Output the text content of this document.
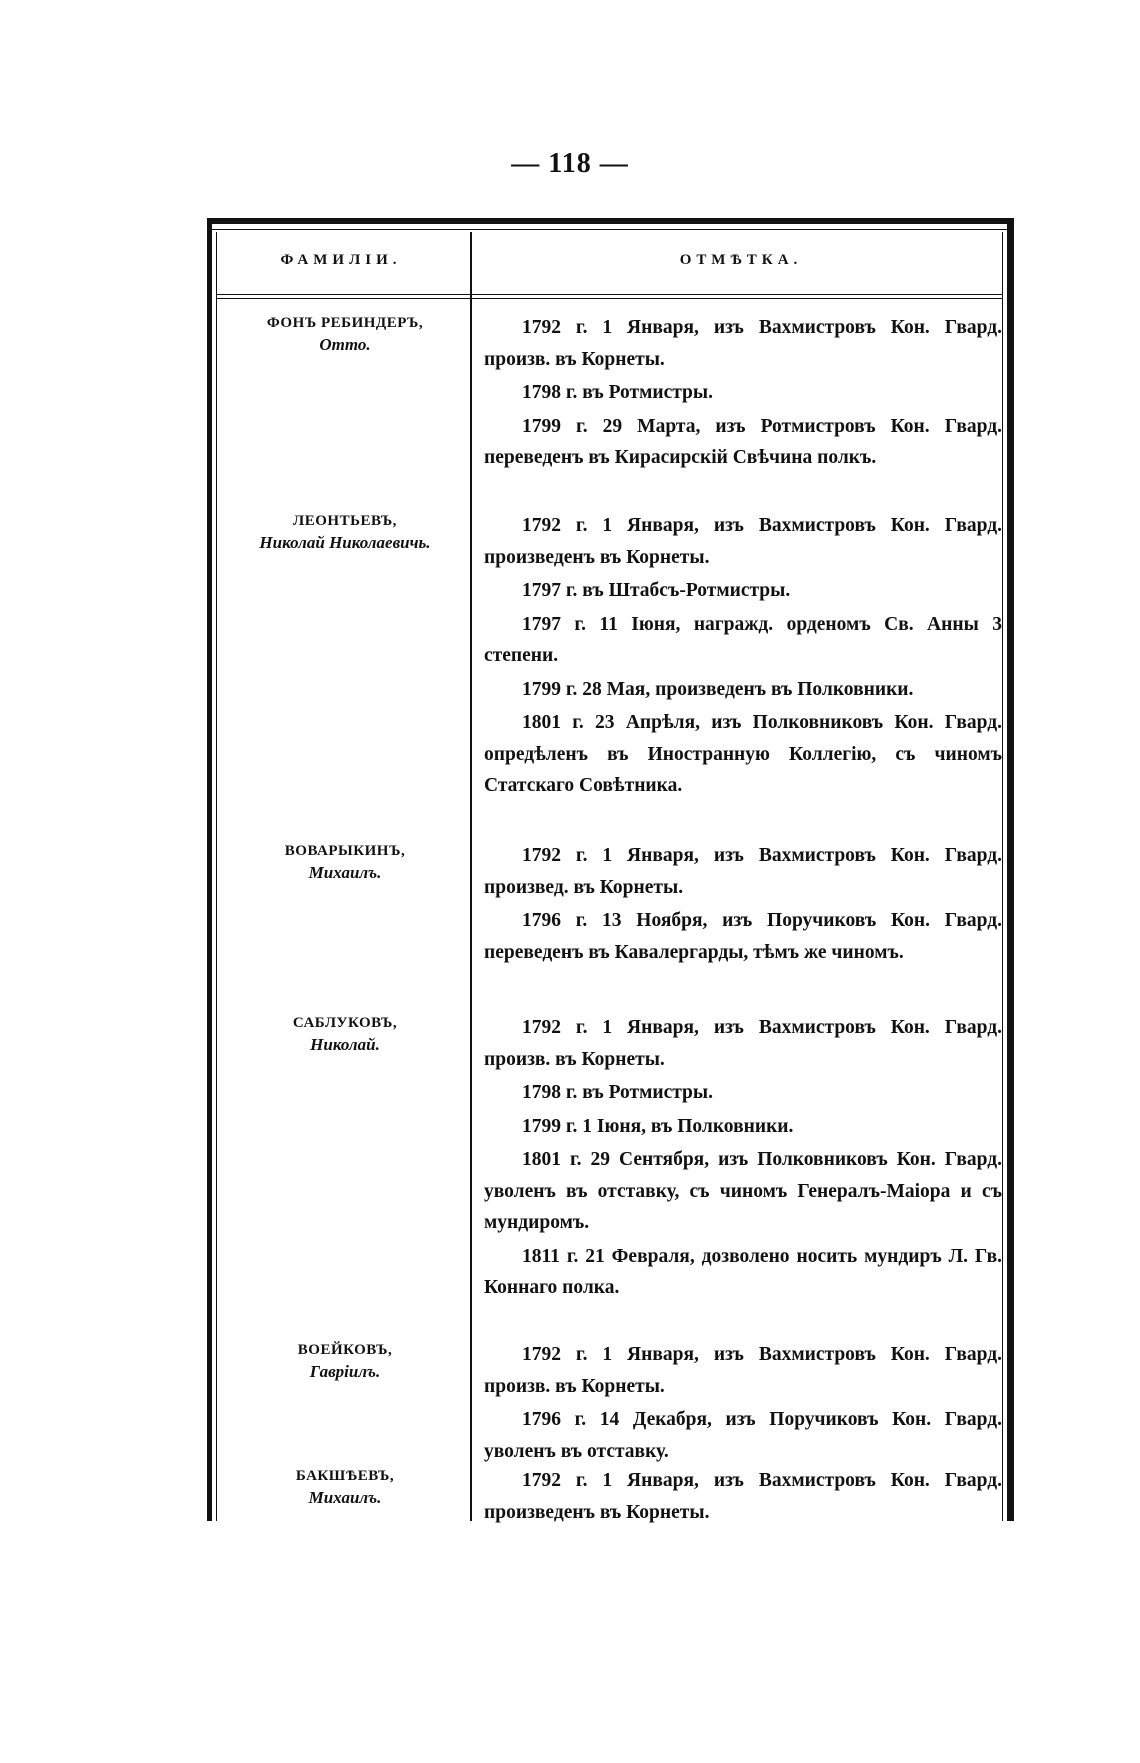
— 118 —
ФАМИЛІИ.	ОТМѢТКА.
ФОНЪ РЕБИНДЕРЪ,
Отто.

1792 г. 1 Января, изъ Вахмистровъ Кон. Гвард. произв. въ Корнеты.

1798 г. въ Ротмистры.

1799 г. 29 Марта, изъ Ротмистровъ Кон. Гвард. переведенъ въ Кирасирскій Свѣчина полкъ.

ЛЕОНТЬЕВЪ,
Николай Николаевичь.

1792 г. 1 Января, изъ Вахмистровъ Кон. Гвард. произведенъ въ Корнеты.

1797 г. въ Штабсъ-Ротмистры.

1797 г. 11 Іюня, награжд. орденомъ Св. Анны 3 степени.

1799 г. 28 Мая, произведенъ въ Полковники.

1801 г. 23 Апрѣля, изъ Полковниковъ Кон. Гвард. опредѣленъ въ Иностранную Коллегію, съ чиномъ Статскаго Совѣтника.

ВОВАРЫКИНЪ,
Михаилъ.

1792 г. 1 Января, изъ Вахмистровъ Кон. Гвард. произвед. въ Корнеты.

1796 г. 13 Ноября, изъ Поручиковъ Кон. Гвард. переведенъ въ Кавалергарды, тѣмъ же чиномъ.

САБЛУКОВЪ,
Николай.

1792 г. 1 Января, изъ Вахмистровъ Кон. Гвард. произв. въ Корнеты.

1798 г. въ Ротмистры.

1799 г. 1 Іюня, въ Полковники.

1801 г. 29 Сентября, изъ Полковниковъ Кон. Гвард. уволенъ въ отставку, съ чиномъ Генералъ-Маіора и съ мундиромъ.

1811 г. 21 Февраля, дозволено носить мундиръ Л. Гв. Коннаго полка.

ВОЕЙКОВЪ,
Гавріилъ.

1792 г. 1 Января, изъ Вахмистровъ Кон. Гвард. произв. въ Корнеты.

1796 г. 14 Декабря, изъ Поручиковъ Кон. Гвард. уволенъ въ отставку.

БАКШѢЕВЪ,
Михаилъ.

1792 г. 1 Января, изъ Вахмистровъ Кон. Гвард. произведенъ въ Корнеты.
